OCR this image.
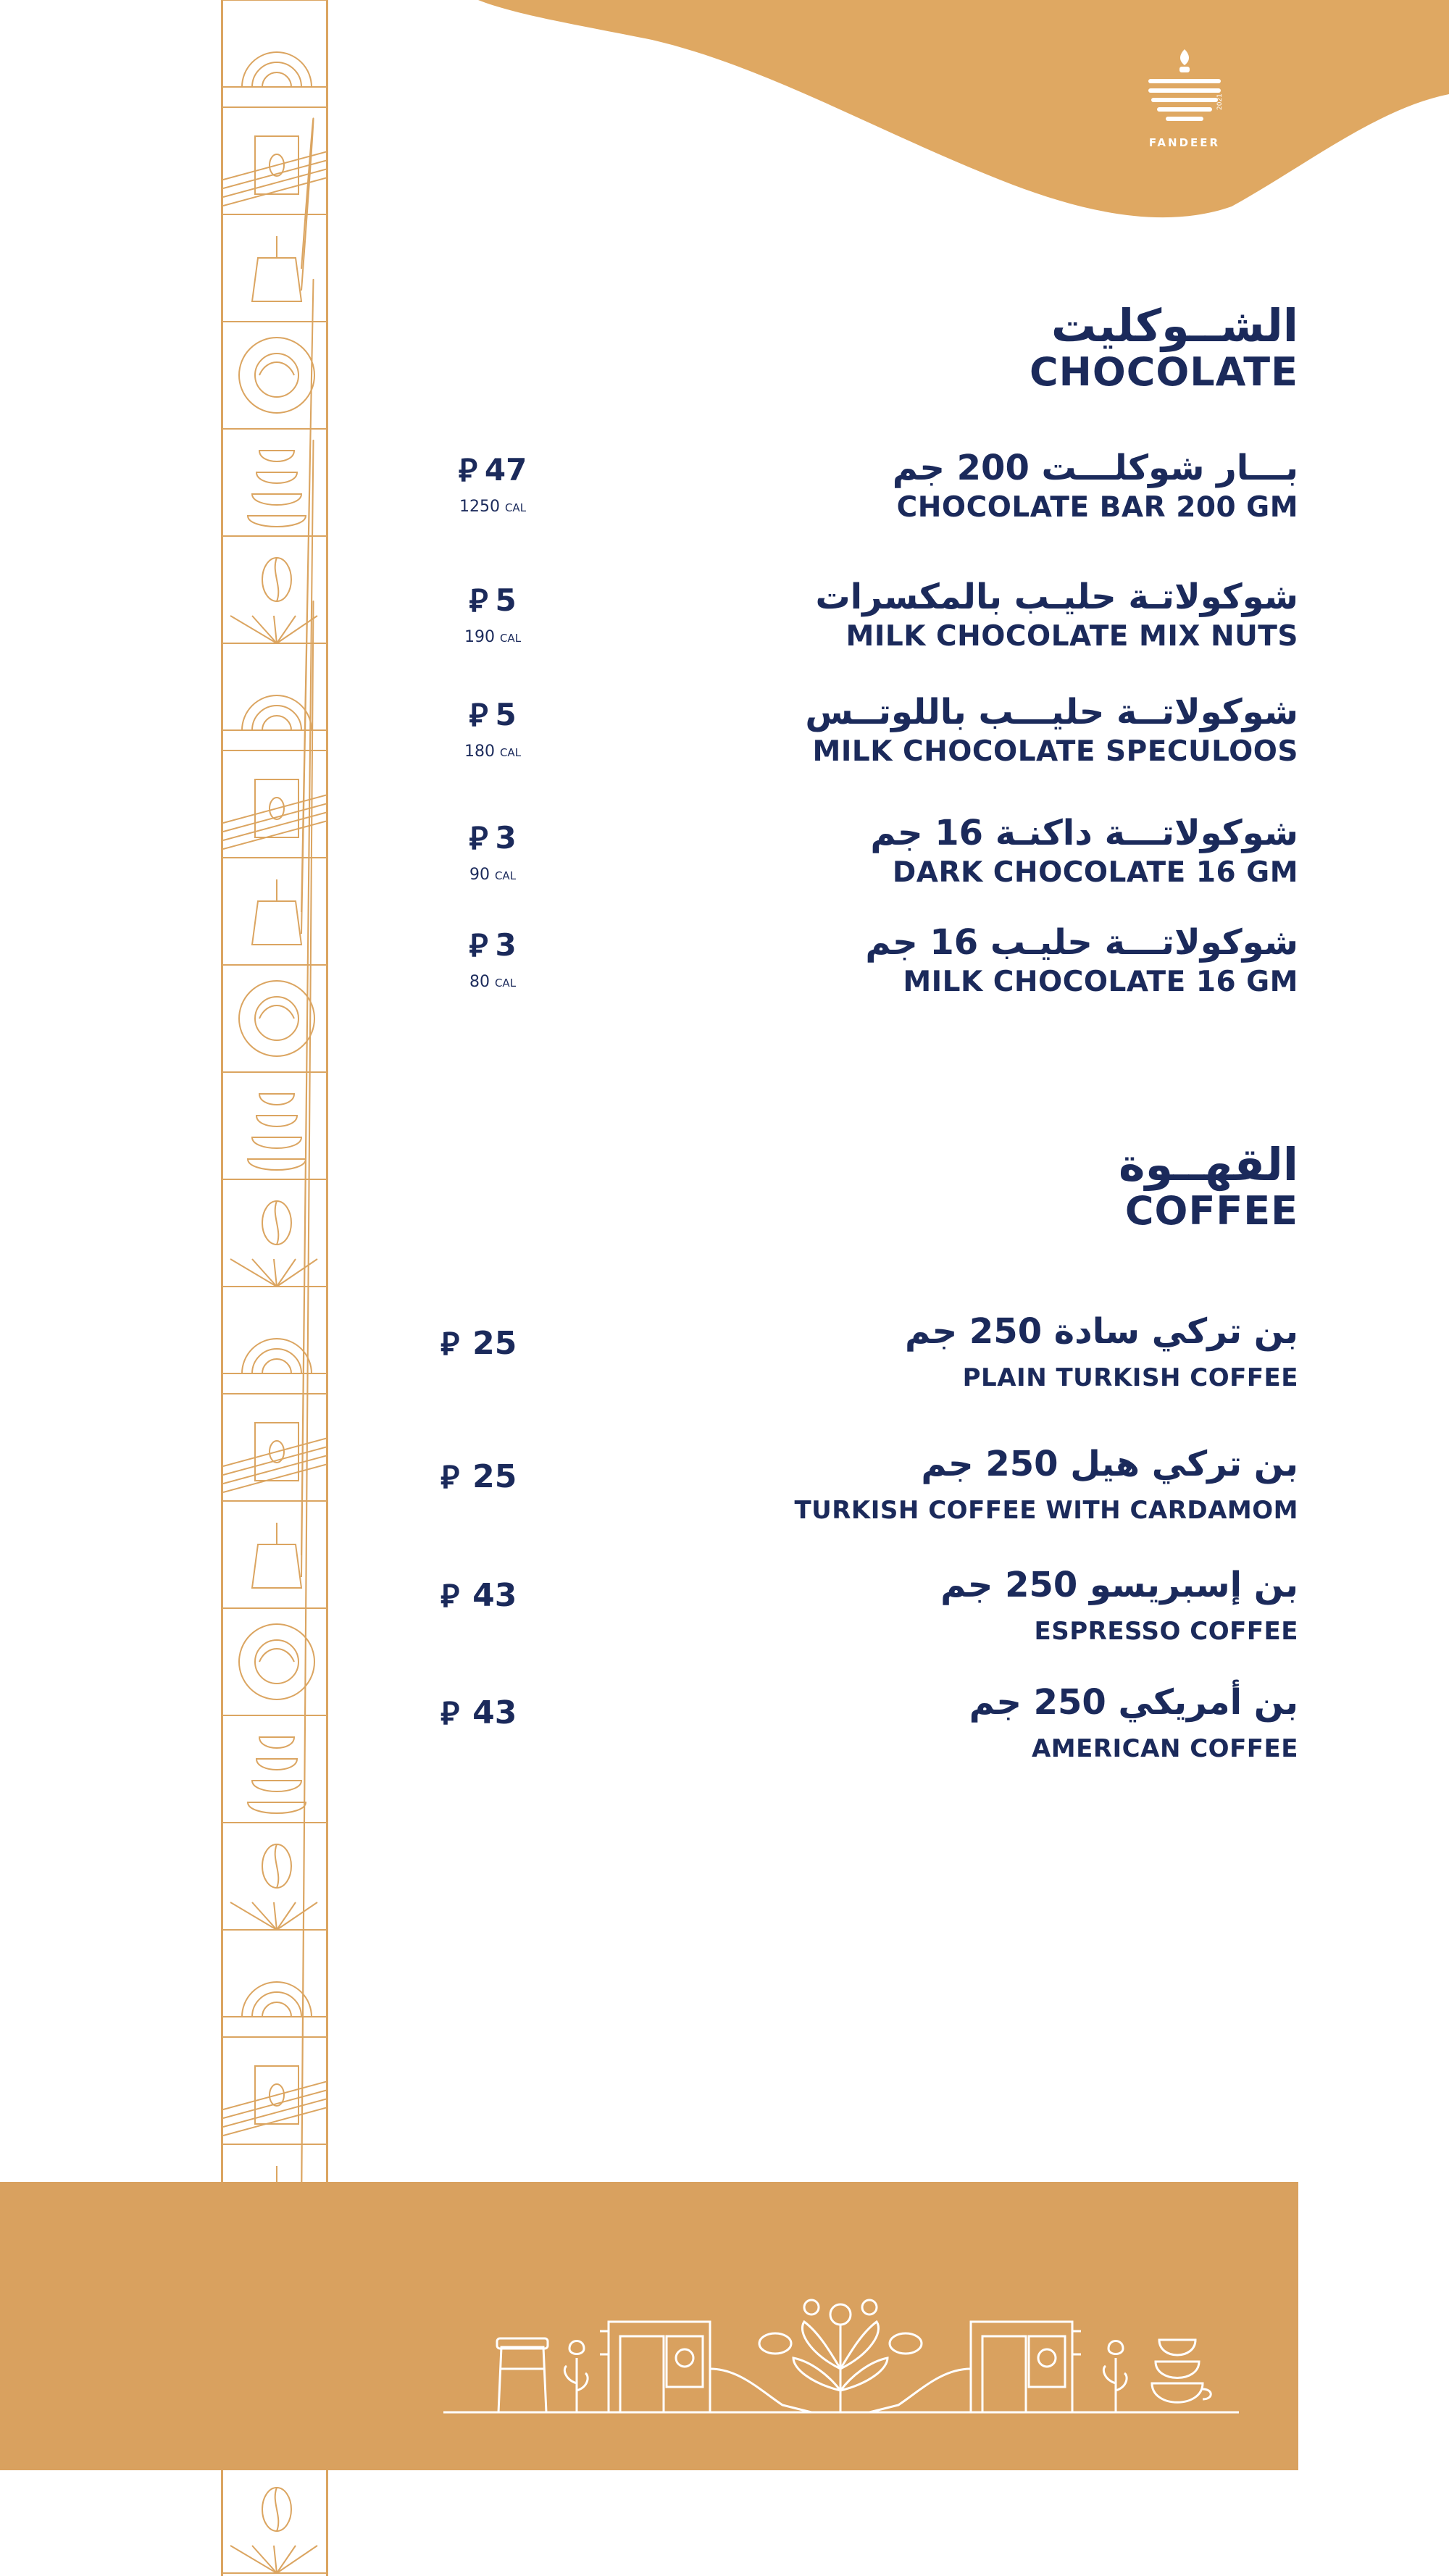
2021
FANDEER
الشــوكليت
CHOCOLATE
بـــار شوكلـــت 200 جم
CHOCOLATE BAR 200 GM
⃁ 47
1250 CAL
شوكولاتـة حليـب بالمكسرات
MILK CHOCOLATE MIX NUTS
⃁ 5
190 CAL
شوكولاتــة حليـــب باللوتــس
MILK CHOCOLATE SPECULOOS
⃁ 5
180 CAL
شوكولاتـــة داكنـة 16 جم
DARK CHOCOLATE 16 GM
⃁ 3
90 CAL
شوكولاتـــة حليـب 16 جم
MILK CHOCOLATE 16 GM
⃁ 3
80 CAL
القهــوة
COFFEE
بن تركي سادة 250 جم
PLAIN TURKISH COFFEE
⃁ 25
بن تركي هيل 250 جم
TURKISH COFFEE WITH CARDAMOM
⃁ 25
بن إسبريسو 250 جم
ESPRESSO COFFEE
⃁ 43
بن أمريكي 250 جم
AMERICAN COFFEE
⃁ 43
